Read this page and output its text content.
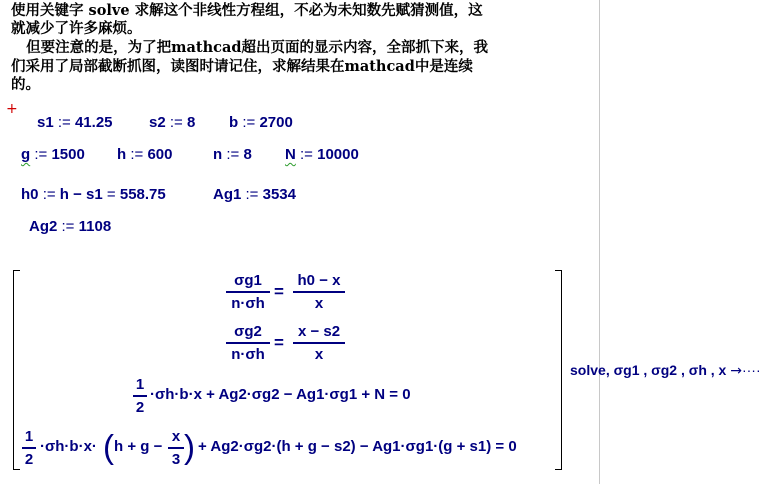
使用关键字 solve 求解这个非线性方程组，不必为未知数先赋猜测值，这
就减少了许多麻烦。
但要注意的是，为了把mathcad超出页面的显示内容，全部抓下来，我
们采用了局部截断抓图，读图时请记住，求解结果在mathcad中是连续
的。
+
s1 := 41.25 s2 := 8 b := 2700
g := 1500 h := 600	n := 8 N := 10000
h0 := h − s1 = 558.75	Ag1 := 3534
Ag2 := 1108
σg1
n·σh
=
h0 − x
x
σg2
n·σh
=
x − s2
x
1
2
·σh·b·x + Ag2·σg2 − Ag1·σg1 + N = 0
1
2
·σh·b·x· ( h + g −
x
3 ) + Ag2·σg2·(h + g − s2) − Ag1·σg1·(g + s1) = 0
solve, σg1 , σg2 , σh , x →····
